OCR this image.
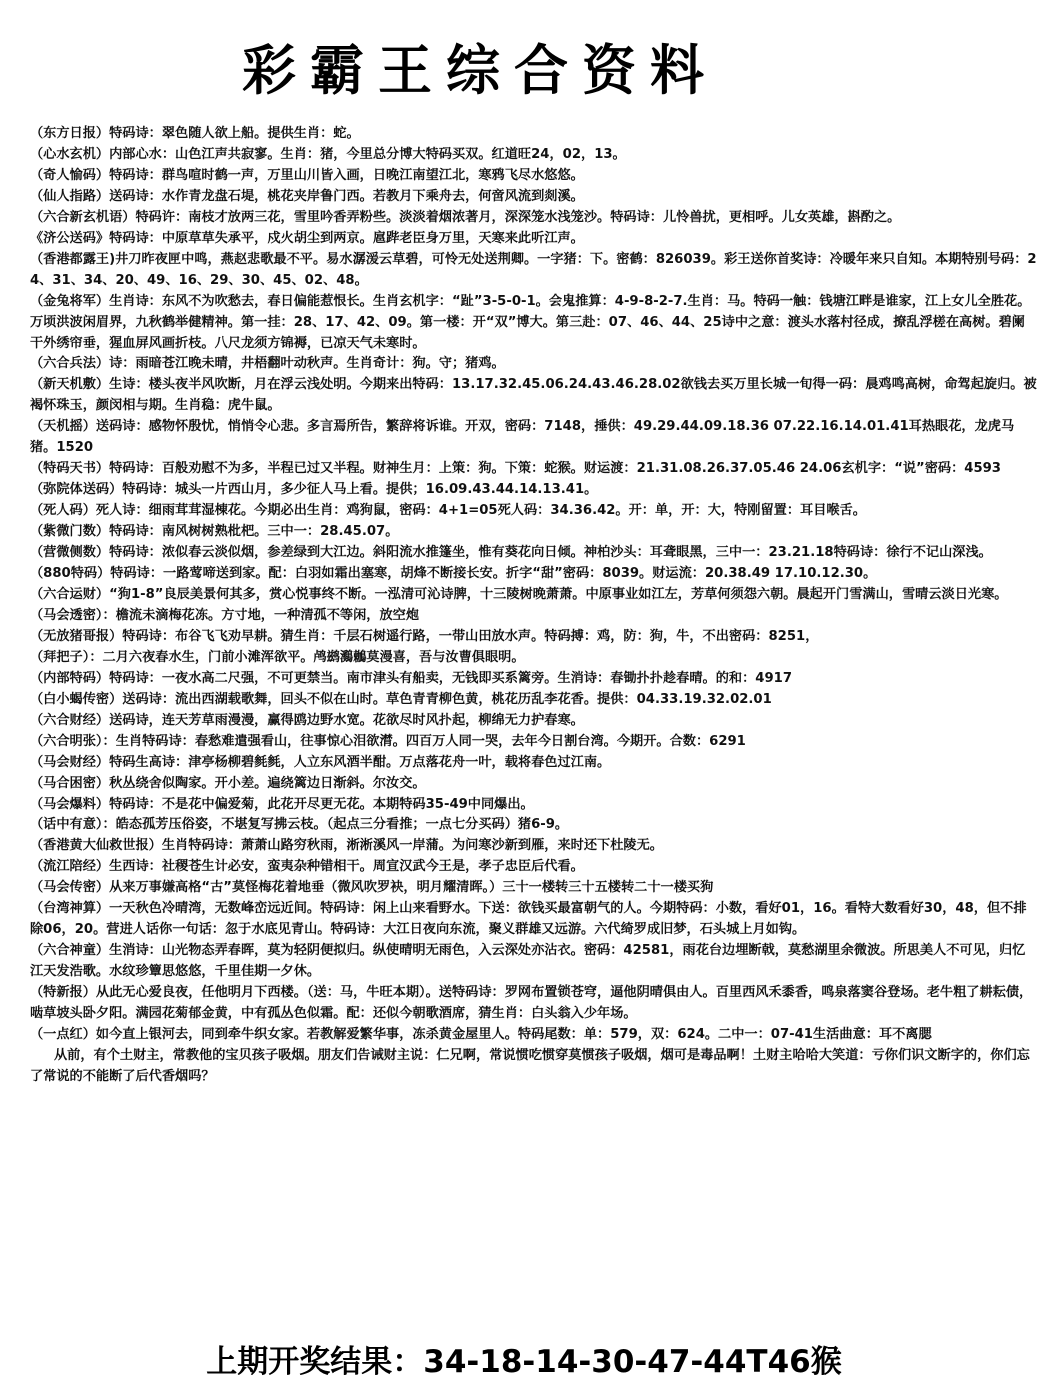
彩霸王综合资料

（东方日报）特码诗：翠色随人欲上船。提供生肖：蛇。

（心水玄机）内部心水：山色江声共寂寥。生肖：猪，今里总分博大特码买双。红道旺24，02，13。

（奇人愉码）特码诗：群鸟喧时鹤一声，万里山川皆入画，日晚江南望江北，寒鸦飞尽水悠悠。

（仙人指路）送码诗：水作青龙盘石堤，桃花夹岸鲁门西。若教月下乘舟去，何啻风流到剡溪。

（六合新玄机语）特码许：南枝才放两三花，雪里吟香弄粉些。淡淡着烟浓著月，深深笼水浅笼沙。特码诗：儿怜兽扰，更相呼。儿女英雄，斟酌之。

《济公送码》特码诗：中原草草失承平，戍火胡尘到两京。扈跸老臣身万里，天寒来此听江声。

（香港都露王)井刀昨夜匣中鸣，燕赵悲歌最不平。易水潺湲云草碧，可怜无处送荆卿。一字猪：下。密鹤：826039。彩王送你首奖诗：冷暖年来只自知。本期特别号码：24、31、34、20、49、16、29、30、45、02、48。

（金兔将军）生肖诗：东风不为吹愁去，春日偏能惹恨长。生肖玄机字：“趾”3-5-0-1。会鬼推算：4-9-8-2-7.生肖：马。特码一触：钱塘江畔是谁家，江上女儿全胜花。万顷洪波闲眉界，九秋鹤举健精神。第一挂：28、17、42、09。第一楼：开“双”博大。第三赴：07、46、44、25诗中之意：渡头水落村径成，撩乱浮槎在高树。碧阑干外绣帘垂，猩血屏风画折枝。八尺龙须方锦褥，已凉天气未寒时。

（六合兵法）诗：雨暗苍江晚未晴，井梧翻叶动秋声。生肖奇计：狗。守；猪鸡。

（新天机敷）生诗：楼头夜半风吹断，月在浮云浅处明。今期来出特码：13.17.32.45.06.24.43.46.28.02欲钱去买万里长城一旬得一码：晨鸡鸣高树，命驾起旋归。被褐怀珠玉，颜闵相与期。生肖稳：虎牛鼠。

（天机摇）送码诗：感物怀殷忧，悄悄令心悲。多言焉所告，繁辞将诉谁。开双，密码：7148，捶供：49.29.44.09.18.36 07.22.16.14.01.41耳热眼花，龙虎马猪。1520

（特码天书）特码诗：百般劝慰不为多，半程已过又半程。财神生月：上策：狗。下策：蛇猴。财运渡：21.31.08.26.37.05.46 24.06玄机字：“说”密码：4593

（弥院体送码）特码诗：城头一片西山月，多少征人马上看。提供；16.09.43.44.14.13.41。

（死人码）死人诗：细雨茸茸湿棟花。今期必出生肖：鸡狗鼠，密码：4+1=05死人码：34.36.42。开：单，开：大，特刚留置：耳目喉舌。

（紫微门数）特码诗：南风树树熟枇杷。三中一：28.45.07。

（营微侧数）特码诗：浓似春云淡似烟，参差绿到大江边。斜阳流水推篷坐，惟有葵花向日倾。神柏沙头：耳聋眼黑，三中一：23.21.18特码诗：徐行不记山深浅。

（880特码）特码诗：一路莺啼送到家。配：白羽如霜出塞寒，胡烽不断接长安。折字“甜”密码：8039。财运流：20.38.49 17.10.12.30。

（六合运财）“狗1-8”良辰美景何其多，赏心悦事终不断。一泓清可沁诗脾，十三陵树晚萧萧。中原事业如江左，芳草何须怨六朝。晨起开门雪满山，雪晴云淡日光寒。

（马会透密）：檐流未滴梅花冻。方寸地，一种清孤不等闲，放空炮

（无放猪哥报）特码诗：布谷飞飞劝早耕。猜生肖：千层石树遥行路，一带山田放水声。特码搏：鸡，防：狗，牛，不出密码：8251，

（拜把子）：二月六夜春水生，门前小滩浑欲平。鸬鹚鸂鶒莫漫喜，吾与汝曹俱眼明。

（内部特码）特码诗：一夜水高二尺强，不可更禁当。南市津头有船卖，无钱即买系篱旁。生消诗：春锄扑扑趁春晴。的和：4917

（白小蝎传密）送码诗：流出西湖载歌舞，回头不似在山时。草色青青柳色黄，桃花历乱李花香。提供：04.33.19.32.02.01

（六合财经）送码诗，连天芳草雨漫漫，赢得鸥边野水宽。花欲尽时风扑起，柳绵无力护春寒。

（六合明张）：生肖特码诗：春愁难遣强看山，往事惊心泪欲潸。四百万人同一哭，去年今日割台湾。今期开。合数：6291

（马会财经）特码生高诗：津亭杨柳碧毵毵，人立东风酒半酣。万点落花舟一叶，载将春色过江南。

（马合困密）秋丛绕舍似陶家。开小差。遍绕篱边日渐斜。尔汝交。

（马会爆料）特码诗：不是花中偏爱菊，此花开尽更无花。本期特码35-49中同爆出。

（话中有意）：皓态孤芳压俗姿，不堪复写拂云枝。（起点三分看推；一点七分买码）猪6-9。

（香港黄大仙救世报）生肖特码诗：萧萧山路穷秋雨，淅淅溪风一岸蒲。为问寒沙新到雁，来时还下杜陵无。

（流江陪经）生西诗：社稷苍生计必安，蛮夷杂种错相干。周宣汉武今王是，孝子忠臣后代看。

（马会传密）从来万事嫌高格“古”莫怪梅花着地垂（微风吹罗袂，明月耀清晖。）三十一楼转三十五楼转二十一楼买狗

（台湾神算）一天秋色冷晴湾，无数峰峦远近间。特码诗：闲上山来看野水。下送：欲钱买最富朝气的人。今期特码：小数，看好01，16。看特大数看好30，48，但不排除06，20。营进人话你一句话：忽于水底见青山。特码诗：大江日夜向东流，聚义群雄又远游。六代绮罗成旧梦，石头城上月如钩。

（六合神童）生消诗：山光物态弄春晖，莫为轻阴便拟归。纵使晴明无雨色，入云深处亦沾衣。密码：42581，雨花台边埋断戟，莫愁湖里余微波。所思美人不可见，归忆江天发浩歌。水纹珍簟思悠悠，千里佳期一夕休。

（特新报）从此无心爱良夜，任他明月下西楼。（送：马，牛旺本期）。送特码诗：罗网布置锁苍穹，逼他阴晴俱由人。百里西风禾黍香，鸣泉落窦谷登场。老牛粗了耕耘债，啮草坡头卧夕阳。满园花菊郁金黄，中有孤丛色似霜。配：还似今朝歌酒席，猜生肖：白头翁入少年场。

（一点红）如今直上银河去，同到牵牛织女家。若教解爱繁华事，冻杀黄金屋里人。特码尾数：单：579，双：624。二中一：07-41生活曲意：耳不离腮

从前，有个土财主，常教他的宝贝孩子吸烟。朋友们告诫财主说：仁兄啊，常说惯吃惯穿莫惯孩子吸烟，烟可是毒品啊！土财主哈哈大笑道：亏你们识文断字的，你们忘了常说的不能断了后代香烟吗？

上期开奖结果：34-18-14-30-47-44T46猴
